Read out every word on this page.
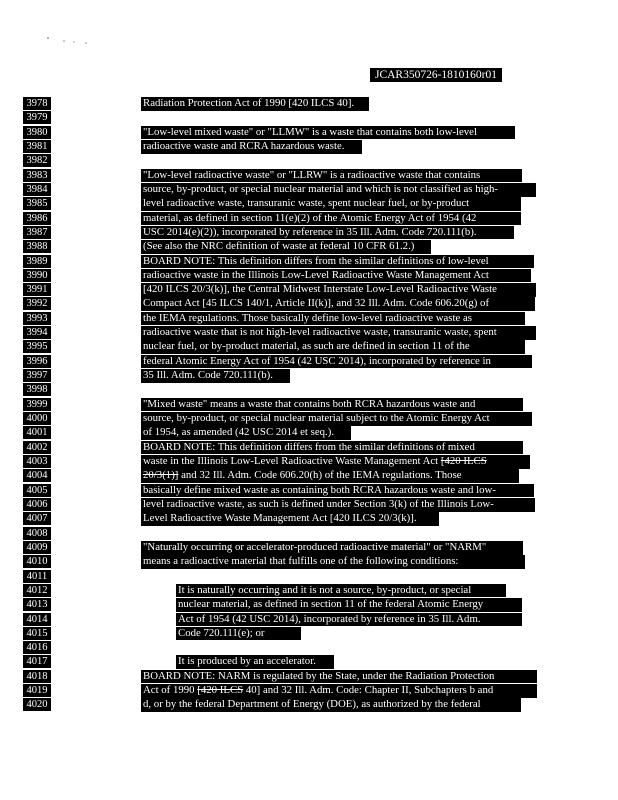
JCAR350726-1810160r01
3978	Radiation Protection Act of 1990 [420 ILCS 40].
3979
3980	"Low-level mixed waste" or "LLMW" is a waste that contains both low-level
3981	radioactive waste and RCRA hazardous waste.
3982
3983	"Low-level radioactive waste" or "LLRW" is a radioactive waste that contains
3984	source, by-product, or special nuclear material and which is not classified as high-
3985	level radioactive waste, transuranic waste, spent nuclear fuel, or by-product
3986	material, as defined in section 11(e)(2) of the Atomic Energy Act of 1954 (42
3987	USC 2014(e)(2)), incorporated by reference in 35 Ill. Adm. Code 720.111(b).
3988	(See also the NRC definition of waste at federal 10 CFR 61.2.)
3989	BOARD NOTE: This definition differs from the similar definitions of low-level
3990	radioactive waste in the Illinois Low-Level Radioactive Waste Management Act
3991	[420 ILCS 20/3(k)], the Central Midwest Interstate Low-Level Radioactive Waste
3992	Compact Act [45 ILCS 140/1, Article II(k)], and 32 Ill. Adm. Code 606.20(g) of
3993	the IEMA regulations. Those basically define low-level radioactive waste as
3994	radioactive waste that is not high-level radioactive waste, transuranic waste, spent
3995	nuclear fuel, or by-product material, as such are defined in section 11 of the
3996	federal Atomic Energy Act of 1954 (42 USC 2014), incorporated by reference in
3997	35 Ill. Adm. Code 720.111(b).
3998
3999	"Mixed waste" means a waste that contains both RCRA hazardous waste and
4000	source, by-product, or special nuclear material subject to the Atomic Energy Act
4001	of 1954, as amended (42 USC 2014 et seq.).
4002	BOARD NOTE: This definition differs from the similar definitions of mixed
4003	waste in the Illinois Low-Level Radioactive Waste Management Act [420 ILCS
4004	20/3(1)] and 32 Ill. Adm. Code 606.20(h) of the IEMA regulations. Those
4005	basically define mixed waste as containing both RCRA hazardous waste and low-
4006	level radioactive waste, as such is defined under Section 3(k) of the Illinois Low-
4007	Level Radioactive Waste Management Act [420 ILCS 20/3(k)].
4008
4009	"Naturally occurring or accelerator-produced radioactive material" or "NARM"
4010	means a radioactive material that fulfills one of the following conditions:
4011
4012	It is naturally occurring and it is not a source, by-product, or special
4013	nuclear material, as defined in section 11 of the federal Atomic Energy
4014	Act of 1954 (42 USC 2014), incorporated by reference in 35 Ill. Adm.
4015	Code 720.111(e); or
4016
4017	It is produced by an accelerator.
4018	BOARD NOTE: NARM is regulated by the State, under the Radiation Protection
4019	Act of 1990 [420 ILCS 40] and 32 Ill. Adm. Code: Chapter II, Subchapters b and
4020	d, or by the federal Department of Energy (DOE), as authorized by the federal
